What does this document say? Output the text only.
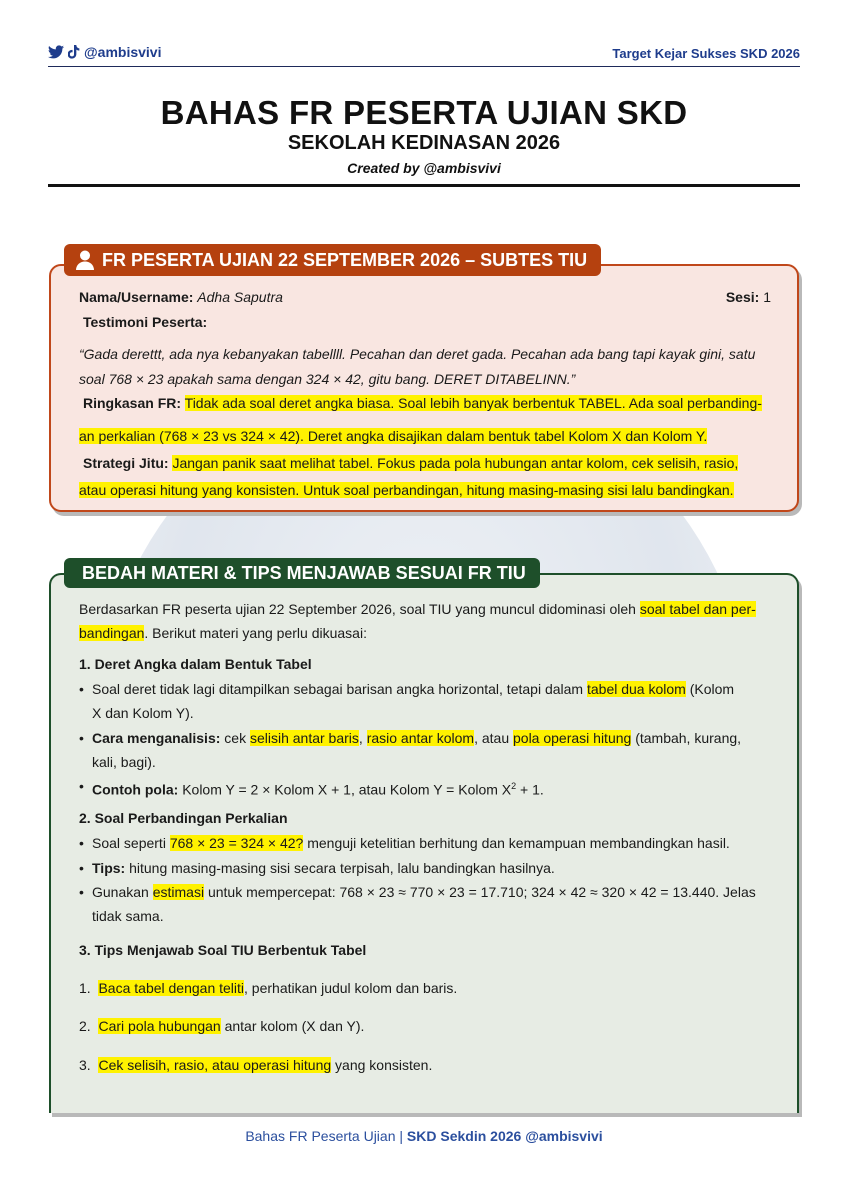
@ambisvivi	Target Kejar Sukses SKD 2026
BAHAS FR PESERTA UJIAN SKD
SEKOLAH KEDINASAN 2026
Created by @ambisvivi
FR PESERTA UJIAN 22 SEPTEMBER 2026 – SUBTES TIU
Nama/Username: Adha Saputra	Sesi: 1
Testimoni Peserta:
“Gada derettt, ada nya kebanyakan tabellll. Pecahan dan deret gada. Pecahan ada bang tapi kayak gini, satu
soal 768 × 23 apakah sama dengan 324 × 42, gitu bang. DERET DITABELINN.”
Ringkasan FR: Tidak ada soal deret angka biasa. Soal lebih banyak berbentuk TABEL. Ada soal perbanding-
an perkalian (768 × 23 vs 324 × 42). Deret angka disajikan dalam bentuk tabel Kolom X dan Kolom Y.
Strategi Jitu: Jangan panik saat melihat tabel. Fokus pada pola hubungan antar kolom, cek selisih, rasio,
atau operasi hitung yang konsisten. Untuk soal perbandingan, hitung masing-masing sisi lalu bandingkan.
BEDAH MATERI & TIPS MENJAWAB SESUAI FR TIU
Berdasarkan FR peserta ujian 22 September 2026, soal TIU yang muncul didominasi oleh soal tabel dan per-
bandingan. Berikut materi yang perlu dikuasai:
1. Deret Angka dalam Bentuk Tabel
• Soal deret tidak lagi ditampilkan sebagai barisan angka horizontal, tetapi dalam tabel dua kolom (Kolom
X dan Kolom Y).
• Cara menganalisis: cek selisih antar baris, rasio antar kolom, atau pola operasi hitung (tambah, kurang,
kali, bagi).
• Contoh pola: Kolom Y = 2 × Kolom X + 1, atau Kolom Y = Kolom $X^2 + 1$.
2. Soal Perbandingan Perkalian
• Soal seperti 768 × 23 = 324 × 42? menguji ketelitian berhitung dan kemampuan membandingkan hasil.
• Tips: hitung masing-masing sisi secara terpisah, lalu bandingkan hasilnya.
• Gunakan estimasi untuk mempercepat: 768 × 23 ≈ 770 × 23 = 17.710; 324 × 42 ≈ 320 × 42 = 13.440. Jelas
tidak sama.
3. Tips Menjawab Soal TIU Berbentuk Tabel
1. Baca tabel dengan teliti, perhatikan judul kolom dan baris.
2. Cari pola hubungan antar kolom (X dan Y).
3. Cek selisih, rasio, atau operasi hitung yang konsisten.
Bahas FR Peserta Ujian | SKD Sekdin 2026 @ambisvivi
